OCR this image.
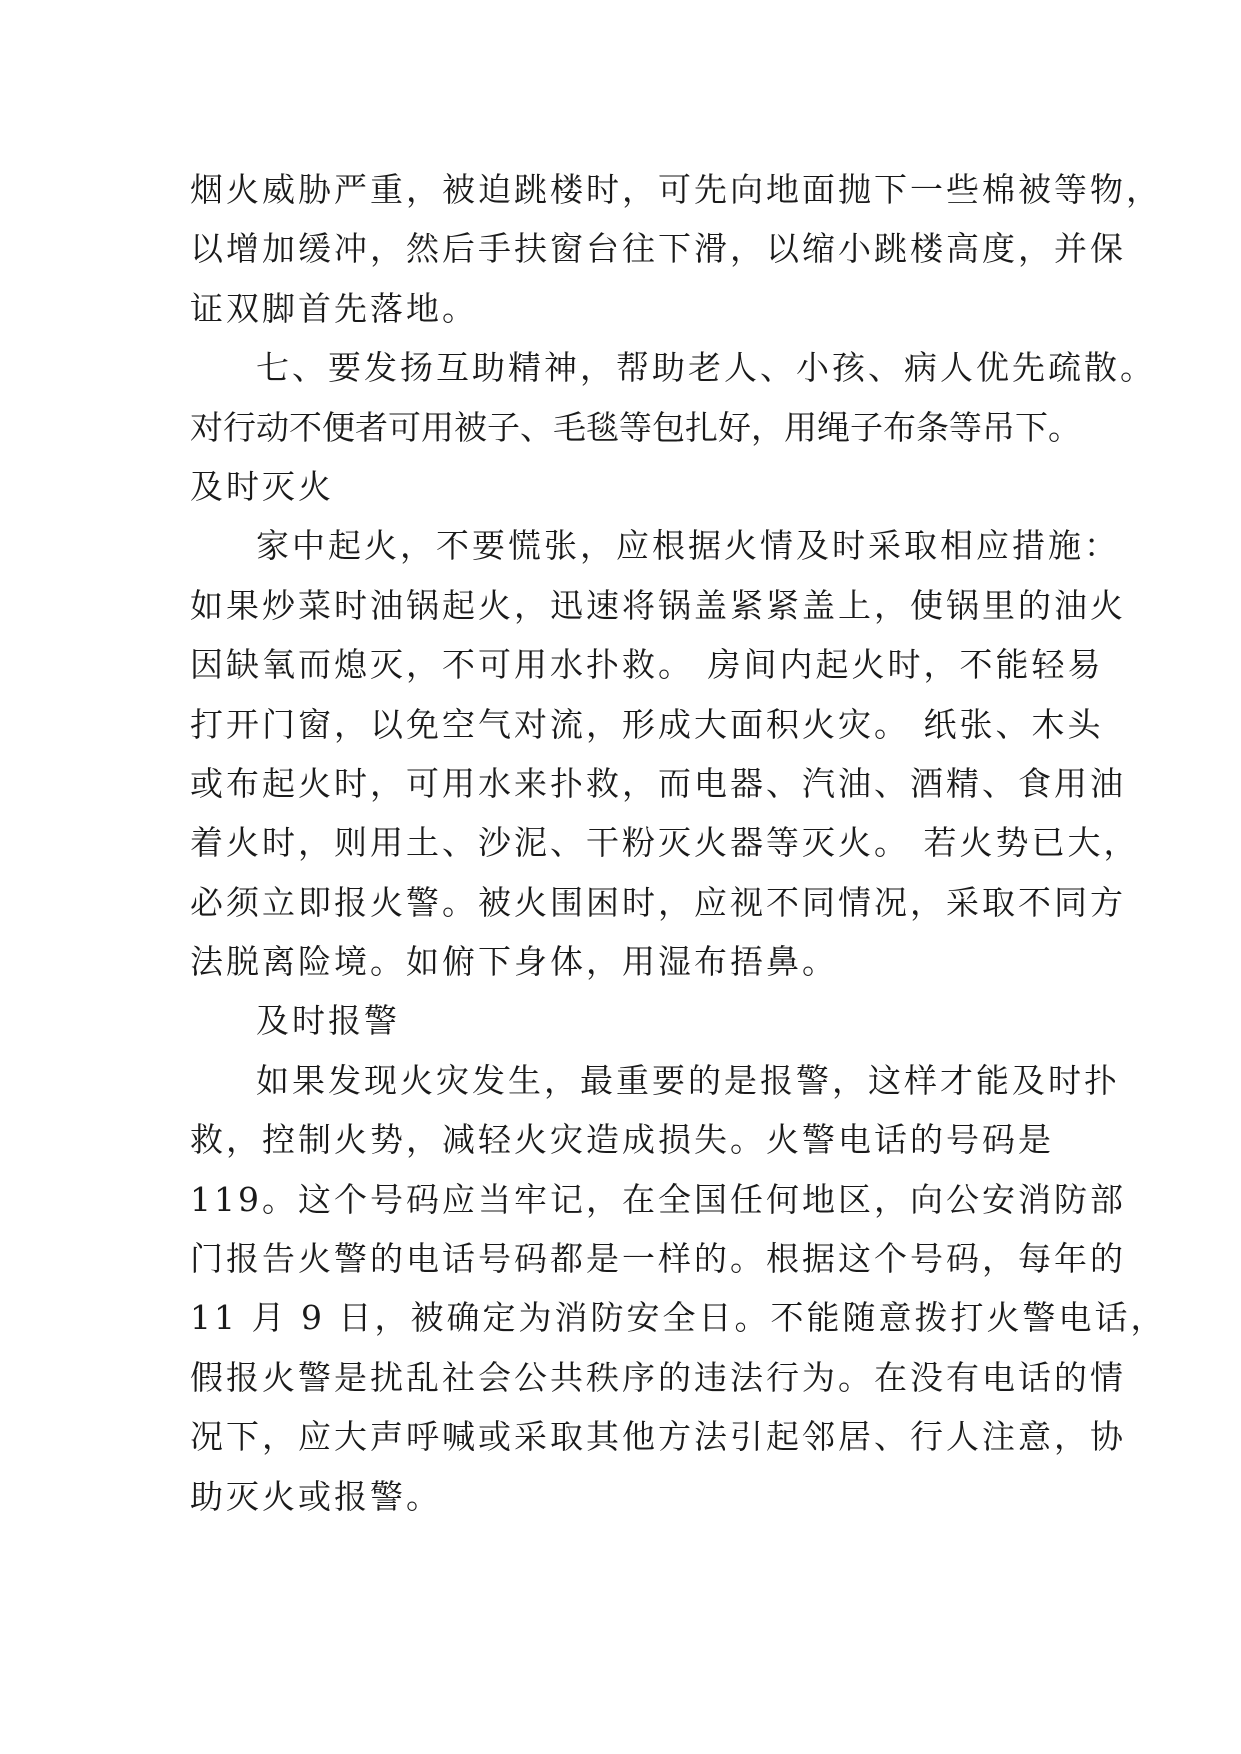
烟火威胁严重，被迫跳楼时，可先向地面抛下一些棉被等物，
以增加缓冲，然后手扶窗台往下滑，以缩小跳楼高度，并保
证双脚首先落地。
七、要发扬互助精神，帮助老人、小孩、病人优先疏散。
对行动不便者可用被子、毛毯等包扎好，用绳子布条等吊下。
及时灭火
家中起火，不要慌张，应根据火情及时采取相应措施：
如果炒菜时油锅起火，迅速将锅盖紧紧盖上，使锅里的油火
因缺氧而熄灭，不可用水扑救。 房间内起火时，不能轻易
打开门窗，以免空气对流，形成大面积火灾。 纸张、木头
或布起火时，可用水来扑救，而电器、汽油、酒精、食用油
着火时，则用土、沙泥、干粉灭火器等灭火。 若火势已大，
必须立即报火警。被火围困时，应视不同情况，采取不同方
法脱离险境。如俯下身体，用湿布捂鼻。
及时报警
如果发现火灾发生，最重要的是报警，这样才能及时扑
救，控制火势，减轻火灾造成损失。火警电话的号码是
119。这个号码应当牢记，在全国任何地区，向公安消防部
门报告火警的电话号码都是一样的。根据这个号码，每年的
11 月 9 日，被确定为消防安全日。不能随意拨打火警电话，
假报火警是扰乱社会公共秩序的违法行为。在没有电话的情
况下，应大声呼喊或采取其他方法引起邻居、行人注意，协
助灭火或报警。
